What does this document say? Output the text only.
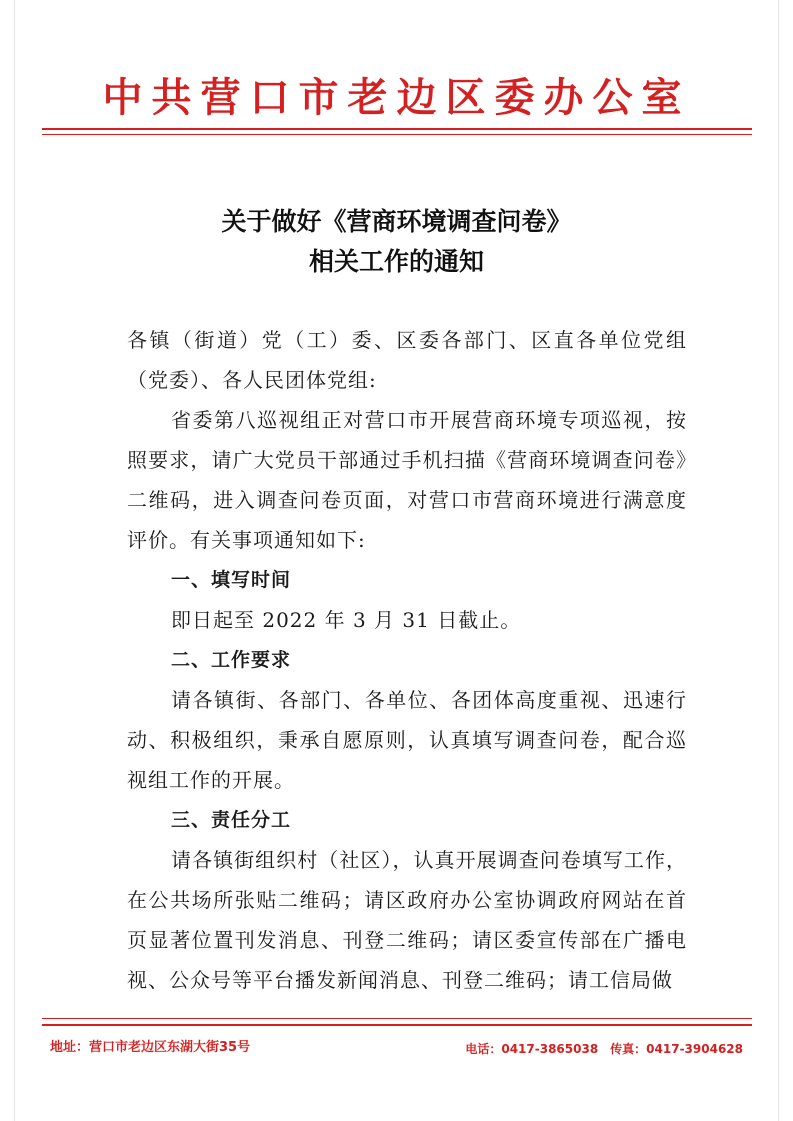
中共营口市老边区委办公室
关于做好《营商环境调查问卷》
相关工作的通知

各镇（街道）党（工）委、区委各部门、区直各单位党组（党委）、各人民团体党组:

省委第八巡视组正对营口市开展营商环境专项巡视，按照要求，请广大党员干部通过手机扫描《营商环境调查问卷》二维码，进入调查问卷页面，对营口市营商环境进行满意度评价。有关事项通知如下:

一、填写时间

即日起至 2022 年 3 月 31 日截止。

二、工作要求

请各镇街、各部门、各单位、各团体高度重视、迅速行动、积极组织，秉承自愿原则，认真填写调查问卷，配合巡视组工作的开展。

三、责任分工

请各镇街组织村（社区），认真开展调查问卷填写工作，在公共场所张贴二维码；请区政府办公室协调政府网站在首页显著位置刊发消息、刊登二维码；请区委宣传部在广播电视、公众号等平台播发新闻消息、刊登二维码；请工信局做

地址：营口市老边区东湖大街35号	电话：0417-3865038 传真：0417-3904628
